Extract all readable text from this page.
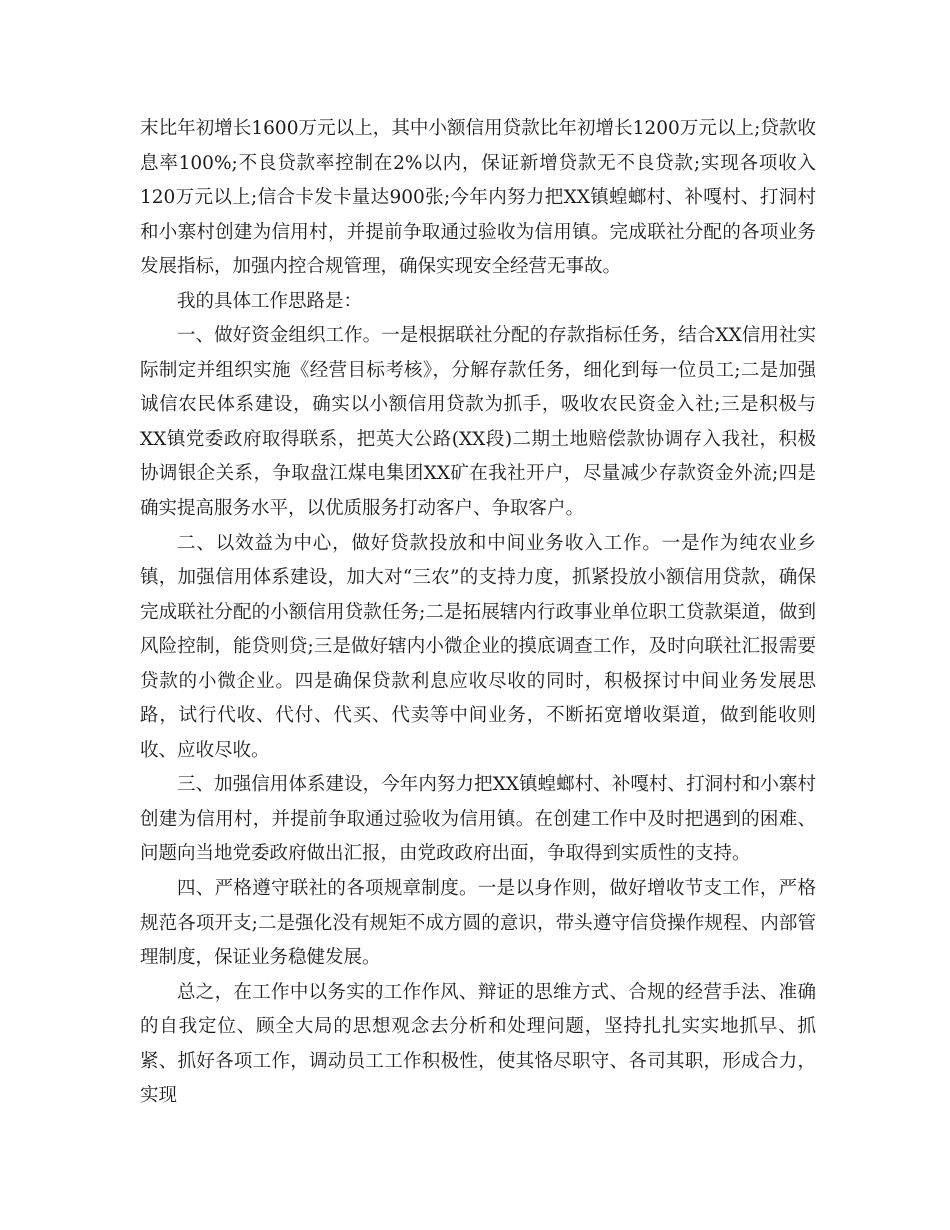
末比年初增长1600万元以上，其中小额信用贷款比年初增长1200万元以上;贷款收息率100%;不良贷款率控制在2%以内，保证新增贷款无不良贷款;实现各项收入120万元以上;信合卡发卡量达900张;今年内努力把XX镇蝗螂村、补嘎村、打洞村和小寨村创建为信用村，并提前争取通过验收为信用镇。完成联社分配的各项业务发展指标，加强内控合规管理，确保实现安全经营无事故。

我的具体工作思路是：

一、做好资金组织工作。一是根据联社分配的存款指标任务，结合XX信用社实际制定并组织实施《经营目标考核》，分解存款任务，细化到每一位员工;二是加强诚信农民体系建设，确实以小额信用贷款为抓手，吸收农民资金入社;三是积极与XX镇党委政府取得联系，把英大公路(XX段)二期土地赔偿款协调存入我社，积极协调银企关系，争取盘江煤电集团XX矿在我社开户，尽量减少存款资金外流;四是确实提高服务水平，以优质服务打动客户、争取客户。

二、以效益为中心，做好贷款投放和中间业务收入工作。一是作为纯农业乡镇，加强信用体系建设，加大对“三农”的支持力度，抓紧投放小额信用贷款，确保完成联社分配的小额信用贷款任务;二是拓展辖内行政事业单位职工贷款渠道，做到风险控制，能贷则贷;三是做好辖内小微企业的摸底调查工作，及时向联社汇报需要贷款的小微企业。四是确保贷款利息应收尽收的同时，积极探讨中间业务发展思路，试行代收、代付、代买、代卖等中间业务，不断拓宽增收渠道，做到能收则收、应收尽收。

三、加强信用体系建设，今年内努力把XX镇蝗螂村、补嘎村、打洞村和小寨村创建为信用村，并提前争取通过验收为信用镇。在创建工作中及时把遇到的困难、问题向当地党委政府做出汇报，由党政政府出面，争取得到实质性的支持。

四、严格遵守联社的各项规章制度。一是以身作则，做好增收节支工作，严格规范各项开支;二是强化没有规矩不成方圆的意识，带头遵守信贷操作规程、内部管理制度，保证业务稳健发展。

总之，在工作中以务实的工作作风、辩证的思维方式、合规的经营手法、准确的自我定位、顾全大局的思想观念去分析和处理问题，坚持扎扎实实地抓早、抓紧、抓好各项工作，调动员工工作积极性，使其恪尽职守、各司其职，形成合力，实现
